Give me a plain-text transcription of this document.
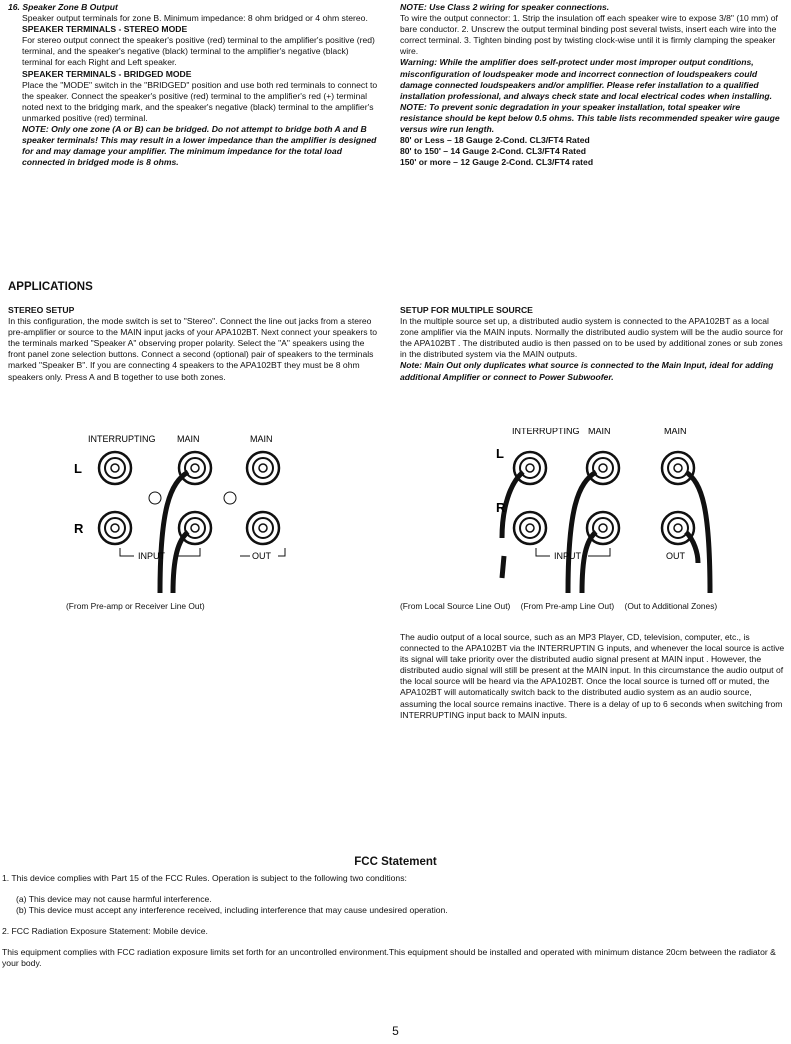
16. Speaker Zone B Output

Speaker output terminals for zone B. Minimum impedance: 8 ohm bridged or 4 ohm stereo.

SPEAKER TERMINALS - STEREO MODE

For stereo output connect the speaker's positive (red) terminal to the amplifier's positive (red) terminal, and the speaker's negative (black) terminal to the amplifier's negative (black) terminal for each Right and Left speaker.

SPEAKER TERMINALS - BRIDGED MODE

Place the "MODE" switch in the "BRIDGED" position and use both red terminals to connect to the speaker. Connect the speaker's positive (red) terminal to the amplifier's red (+) terminal noted next to the bridging mark, and the speaker's negative (black) terminal to the amplifier's unmarked positive (red) terminal.

NOTE: Only one zone (A or B) can be bridged. Do not attempt to bridge both A and B speaker terminals! This may result in a lower impedance than the amplifier is designed for and may damage your amplifier. The minimum impedance for the total load connected in bridged mode is 8 ohms.

NOTE: Use Class 2 wiring for speaker connections.

To wire the output connector: 1. Strip the insulation off each speaker wire to expose 3/8" (10 mm) of bare conductor. 2. Unscrew the output terminal binding post several twists, insert each wire into the correct terminal. 3. Tighten binding post by twisting clock-wise until it is firmly clamping the speaker wire.

Warning: While the amplifier does self-protect under most improper output conditions, misconfiguration of loudspeaker mode and incorrect connection of loudspeakers could damage connected loudspeakers and/or amplifier. Please refer installation to a qualified installation professional, and always check state and local electrical codes when installing.

NOTE: To prevent sonic degradation in your speaker installation, total speaker wire resistance should be kept below 0.5 ohms. This table lists recommended speaker wire gauge versus wire run length.

80' or Less – 18 Gauge 2-Cond. CL3/FT4 Rated

80' to 150' – 14 Gauge 2-Cond. CL3/FT4 Rated

150' or more – 12 Gauge 2-Cond. CL3/FT4 rated

APPLICATIONS

STEREO SETUP

In this configuration, the mode switch is set to "Stereo". Connect the line out jacks from a stereo pre-amplifier or source to the MAIN input jacks of your APA102BT. Next connect your speakers to the terminals marked "Speaker A" observing proper polarity. Select the "A" speakers using the front panel zone selection buttons. Connect a second (optional) pair of speakers to the terminals marked "Speaker B". If you are connecting 4 speakers to the APA102BT they must be 8 ohm speakers only. Press A and B together to use both zones.

SETUP FOR MULTIPLE SOURCE

In the multiple source set up, a distributed audio system is connected to the APA102BT as a local zone amplifier via the MAIN inputs. Normally the distributed audio system will be the audio source for the APA102BT . The distributed audio is then passed on to be used by additional zones or sub zones in the distributed system via the MAIN outputs.

Note: Main Out only duplicates what source is connected to the Main Input, ideal for adding additional Amplifier or connect to Power Subwoofer.

INTERRUPTING MAIN	MAIN
L
R
INPUT	OUT
INTERRUPTING MAIN	MAIN
L
R
INPUT	OUT
(From Pre-amp or Receiver Line Out)	(From Local Source Line Out) (From Pre-amp Line Out) (Out to Additional Zones)

The audio output of a local source, such as an MP3 Player, CD, television, computer, etc., is connected to the APA102BT via the INTERRUPTIN G inputs, and whenever the local source is active its signal will take priority over the distributed audio signal present at MAIN input . However, the distributed audio signal will still be present at the MAIN input. In this circumstance the audio output of the local source will be heard via the APA102BT. Once the local source is turned off or muted, the APA102BT will automatically switch back to the distributed audio system as an audio source, assuming the local source remains inactive. There is a delay of up to 6 seconds when switching from INTERRUPTING input back to MAIN inputs.

FCC Statement

1. This device complies with Part 15 of the FCC Rules. Operation is subject to the following two conditions:

(a) This device may not cause harmful interference.

(b) This device must accept any interference received, including interference that may cause undesired operation.

2. FCC Radiation Exposure Statement: Mobile device.

This equipment complies with FCC radiation exposure limits set forth for an uncontrolled environment.This equipment should be installed and operated with minimum distance 20cm between the radiator & your body.

5
